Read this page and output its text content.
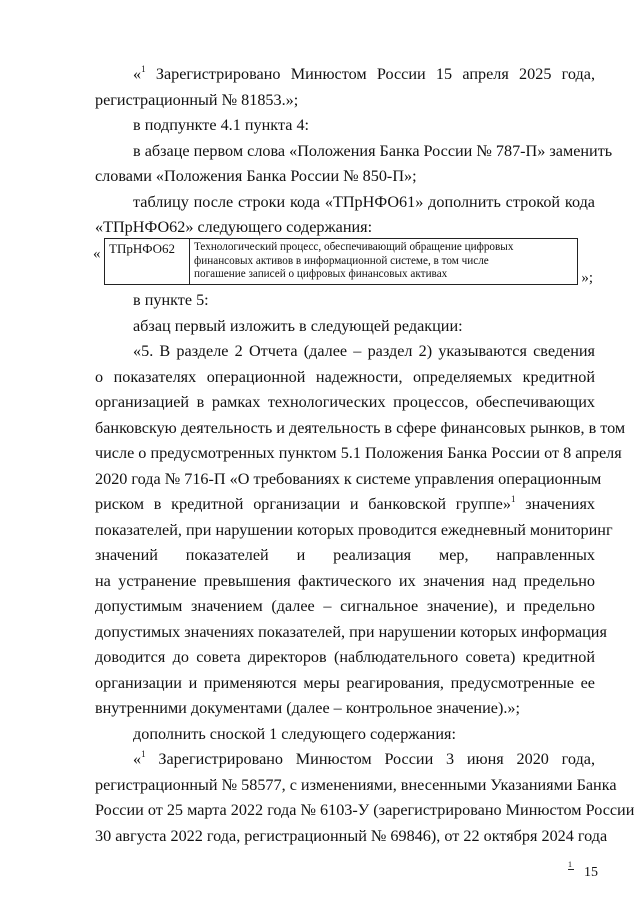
«$^1$ Зарегистрировано Минюстом России 15 апреля 2025 года,
регистрационный № 81853.»;
в подпункте 4.1 пункта 4:
в абзаце первом слова «Положения Банка России № 787-П» заменить
словами «Положения Банка России № 850-П»;
таблицу после строки кода «ТПрНФО61» дополнить строкой кода
«ТПрНФО62» следующего содержания:
« ТПрНФО62	Технологический процесс, обеспечивающий обращение цифровых
финансовых активов в информационной системе, в том числе
погашение записей о цифровых финансовых активах	»;
в пункте 5:
абзац первый изложить в следующей редакции:
«5. В разделе 2 Отчета (далее – раздел 2) указываются сведения
о показателях операционной надежности, определяемых кредитной
организацией в рамках технологических процессов, обеспечивающих
банковскую деятельность и деятельность в сфере финансовых рынков, в том
числе о предусмотренных пунктом 5.1 Положения Банка России от 8 апреля
2020 года № 716-П «О требованиях к системе управления операционным
риском в кредитной организации и банковской группе»$^1$ значениях
показателей, при нарушении которых проводится ежедневный мониторинг
значений показателей и реализация мер, направленных
на устранение превышения фактического их значения над предельно
допустимым значением (далее – сигнальное значение), и предельно
допустимых значениях показателей, при нарушении которых информация
доводится до совета директоров (наблюдательного совета) кредитной
организации и применяются меры реагирования, предусмотренные ее
внутренними документами (далее – контрольное значение).»;
дополнить сноской 1 следующего содержания:
«$^1$ Зарегистрировано Минюстом России 3 июня 2020 года,
регистрационный № 58577, с изменениями, внесенными Указаниями Банка
России от 25 марта 2022 года № 6103-У (зарегистрировано Минюстом России
30 августа 2022 года, регистрационный № 69846), от 22 октября 2024 года
1
15
